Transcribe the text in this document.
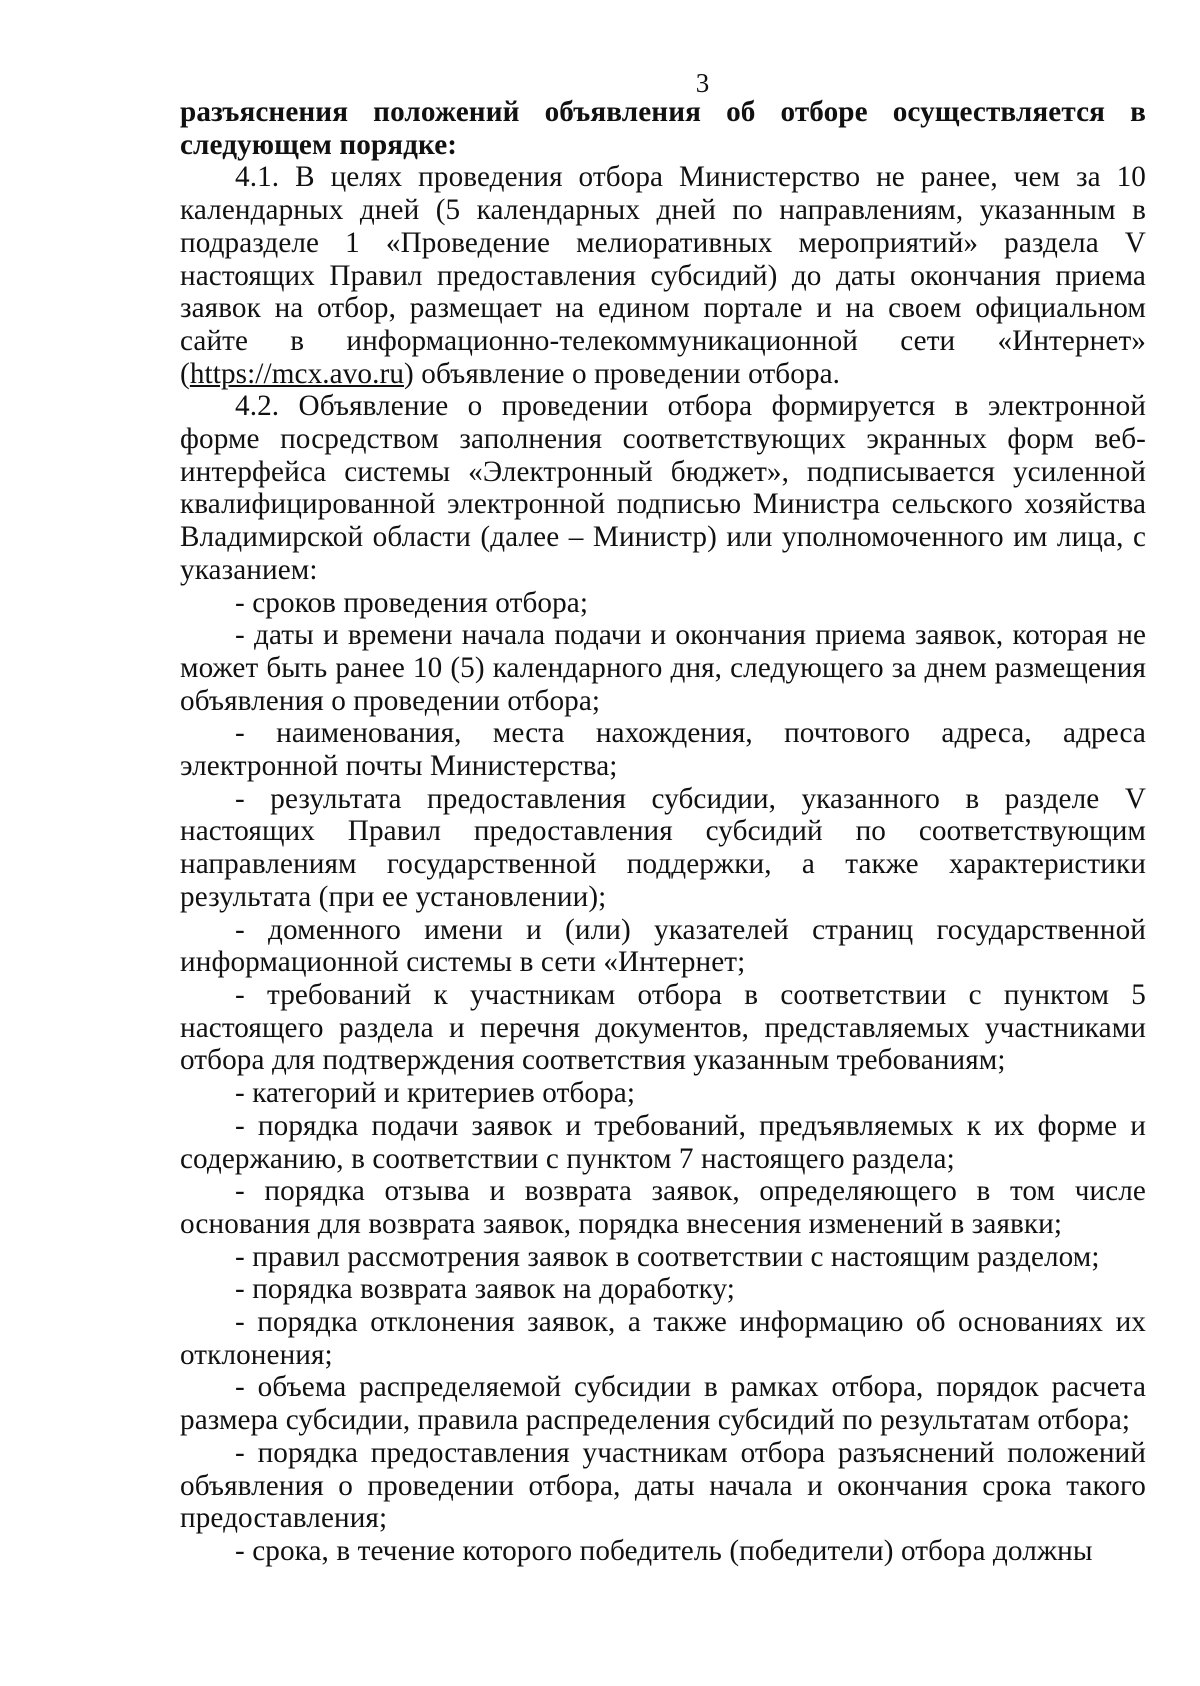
3

разъяснения положений объявления об отборе осуществляется в следующем порядке:

4.1. В целях проведения отбора Министерство не ранее, чем за 10 календарных дней (5 календарных дней по направлениям, указанным в подразделе 1 «Проведение мелиоративных мероприятий» раздела V настоящих Правил предоставления субсидий) до даты окончания приема заявок на отбор, размещает на едином портале и на своем официальном сайте в информационно-телекоммуникационной сети «Интернет» (https://mcx.avo.ru) объявление о проведении отбора.

4.2. Объявление о проведении отбора формируется в электронной форме посредством заполнения соответствующих экранных форм веб-интерфейса системы «Электронный бюджет», подписывается усиленной квалифицированной электронной подписью Министра сельского хозяйства Владимирской области (далее – Министр) или уполномоченного им лица, с указанием:

- сроков проведения отбора;

- даты и времени начала подачи и окончания приема заявок, которая не может быть ранее 10 (5) календарного дня, следующего за днем размещения объявления о проведении отбора;

- наименования, места нахождения, почтового адреса, адреса электронной почты Министерства;

- результата предоставления субсидии, указанного в разделе V настоящих Правил предоставления субсидий по соответствующим направлениям государственной поддержки, а также характеристики результата (при ее установлении);

- доменного имени и (или) указателей страниц государственной информационной системы в сети «Интернет;

- требований к участникам отбора в соответствии с пунктом 5 настоящего раздела и перечня документов, представляемых участниками отбора для подтверждения соответствия указанным требованиям;

- категорий и критериев отбора;

- порядка подачи заявок и требований, предъявляемых к их форме и содержанию, в соответствии с пунктом 7 настоящего раздела;

- порядка отзыва и возврата заявок, определяющего в том числе основания для возврата заявок, порядка внесения изменений в заявки;

- правил рассмотрения заявок в соответствии с настоящим разделом;

- порядка возврата заявок на доработку;

- порядка отклонения заявок, а также информацию об основаниях их отклонения;

- объема распределяемой субсидии в рамках отбора, порядок расчета размера субсидии, правила распределения субсидий по результатам отбора;

- порядка предоставления участникам отбора разъяснений положений объявления о проведении отбора, даты начала и окончания срока такого предоставления;

- срока, в течение которого победитель (победители) отбора должны
